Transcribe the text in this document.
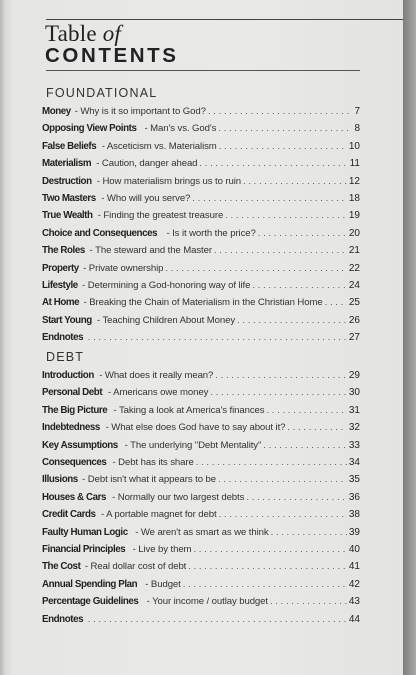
Table of
CONTENTS
FOUNDATIONAL
Money - Why is it so important to God? . . .	7
Opposing View Points - Man's vs. God's . . .	8
False Beliefs - Asceticism vs. Materialism . . .	10
Materialism - Caution, danger ahead . . .	11
Destruction - How materialism brings us to ruin . . .	12
Two Masters - Who will you serve? . . .	18
True Wealth - Finding the greatest treasure . . .	19
Choice and Consequences - Is it worth the price? . . .	20
The Roles - The steward and the Master . . .	21
Property - Private ownership . . .	22
Lifestyle - Determining a God-honoring way of life . . .	24
At Home - Breaking the Chain of Materialism in the Christian Home . . .	25
Start Young - Teaching Children About Money . . .	26
Endnotes . . .	27
DEBT
Introduction - What does it really mean? . . .	29
Personal Debt - Americans owe money . . .	30
The Big Picture - Taking a look at America's finances . . .	31
Indebtedness - What else does God have to say about it? . . .	32
Key Assumptions - The underlying "Debt Mentality" . . .	33
Consequences - Debt has its share . . .	34
Illusions - Debt isn't what it appears to be . . .	35
Houses & Cars - Normally our two largest debts . . .	36
Credit Cards - A portable magnet for debt . . .	38
Faulty Human Logic - We aren't as smart as we think . . .	39
Financial Principles - Live by them . . .	40
The Cost - Real dollar cost of debt . . .	41
Annual Spending Plan - Budget . . .	42
Percentage Guidelines - Your income / outlay budget . . .	43
Endnotes . . .	44
